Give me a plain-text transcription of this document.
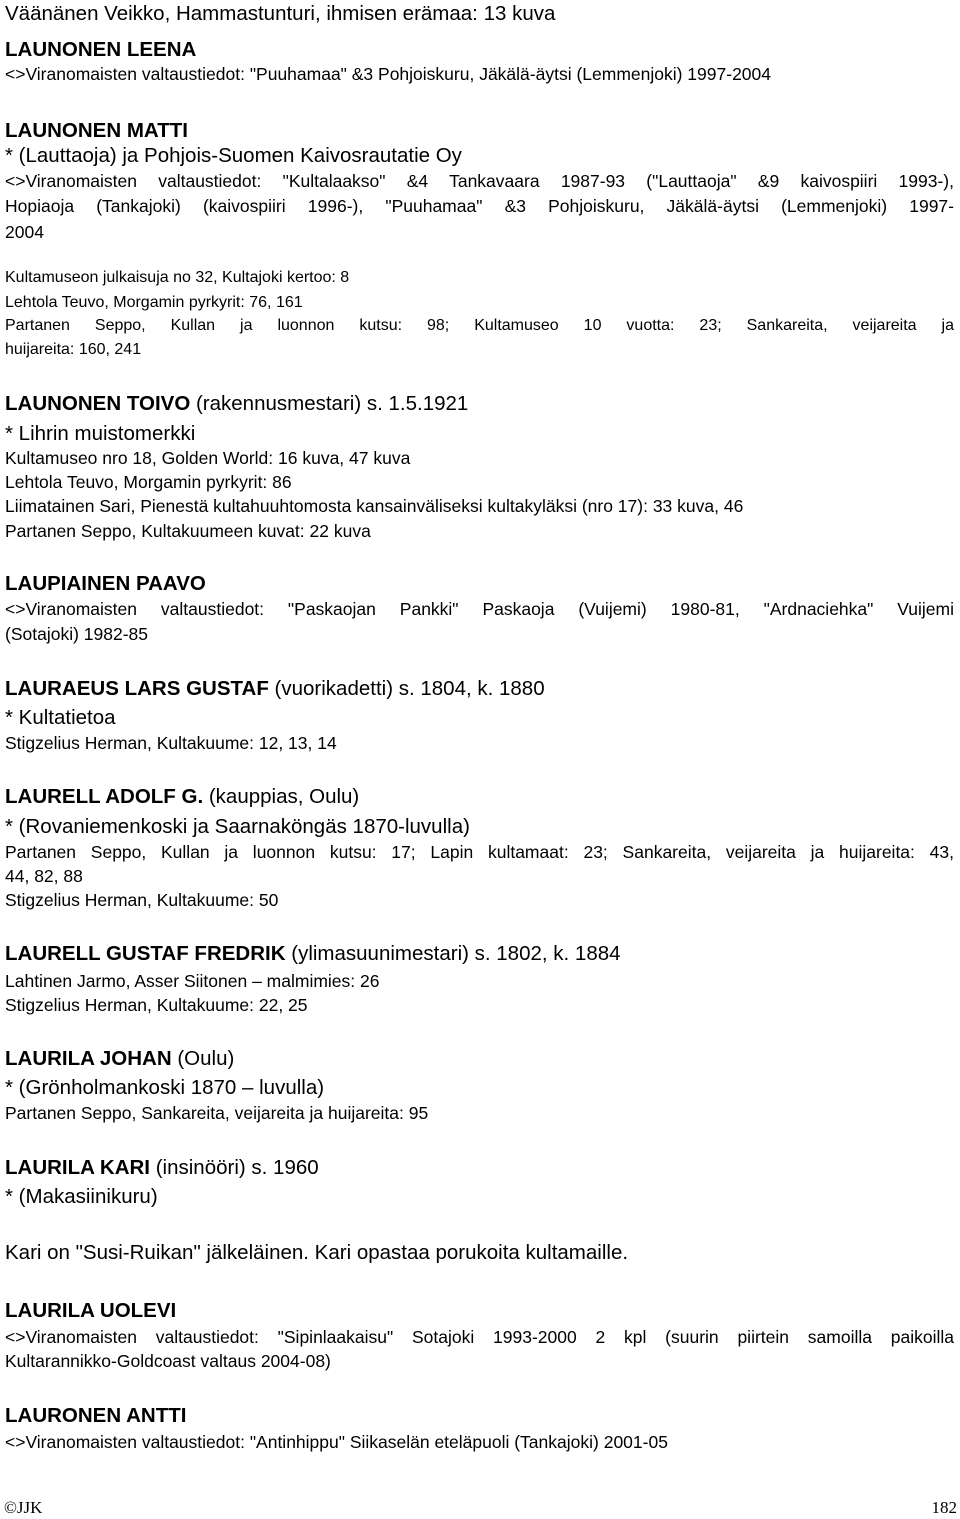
Väänänen Veikko, Hammastunturi, ihmisen erämaa: 13 kuva
LAUNONEN LEENA
<>Viranomaisten valtaustiedot: "Puuhamaa" &3 Pohjoiskuru, Jäkälä-äytsi (Lemmenjoki) 1997-2004
LAUNONEN MATTI
* (Lauttaoja) ja Pohjois-Suomen Kaivosrautatie Oy
<>Viranomaisten valtaustiedot: "Kultalaakso" &4 Tankavaara 1987-93 ("Lauttaoja" &9 kaivospiiri 1993-),
Hopiaoja (Tankajoki) (kaivospiiri 1996-), "Puuhamaa" &3 Pohjoiskuru, Jäkälä-äytsi (Lemmenjoki) 1997-
2004
Kultamuseon julkaisuja no 32, Kultajoki kertoo: 8
Lehtola Teuvo, Morgamin pyrkyrit: 76, 161
Partanen Seppo, Kullan ja luonnon kutsu: 98; Kultamuseo 10 vuotta: 23; Sankareita, veijareita ja
huijareita: 160, 241
LAUNONEN TOIVO (rakennusmestari) s. 1.5.1921
* Lihrin muistomerkki
Kultamuseo nro 18, Golden World: 16 kuva, 47 kuva
Lehtola Teuvo, Morgamin pyrkyrit: 86
Liimatainen Sari, Pienestä kultahuuhtomosta kansainväliseksi kultakyläksi (nro 17): 33 kuva, 46
Partanen Seppo, Kultakuumeen kuvat: 22 kuva
LAUPIAINEN PAAVO
<>Viranomaisten valtaustiedot: "Paskaojan Pankki" Paskaoja (Vuijemi) 1980-81, "Ardnaciehka" Vuijemi
(Sotajoki) 1982-85
LAURAEUS LARS GUSTAF (vuorikadetti) s. 1804, k. 1880
* Kultatietoa
Stigzelius Herman, Kultakuume: 12, 13, 14
LAURELL ADOLF G. (kauppias, Oulu)
* (Rovaniemenkoski ja Saarnaköngäs 1870-luvulla)
Partanen Seppo, Kullan ja luonnon kutsu: 17; Lapin kultamaat: 23; Sankareita, veijareita ja huijareita: 43,
44, 82, 88
Stigzelius Herman, Kultakuume: 50
LAURELL GUSTAF FREDRIK (ylimasuunimestari) s. 1802, k. 1884
Lahtinen Jarmo, Asser Siitonen – malmimies: 26
Stigzelius Herman, Kultakuume: 22, 25
LAURILA JOHAN (Oulu)
* (Grönholmankoski 1870 – luvulla)
Partanen Seppo, Sankareita, veijareita ja huijareita: 95
LAURILA KARI (insinööri) s. 1960
* (Makasiinikuru)
Kari on "Susi-Ruikan" jälkeläinen. Kari opastaa porukoita kultamaille.
LAURILA UOLEVI
<>Viranomaisten valtaustiedot: "Sipinlaakaisu" Sotajoki 1993-2000 2 kpl (suurin piirtein samoilla paikoilla
Kultarannikko-Goldcoast valtaus 2004-08)
LAURONEN ANTTI
<>Viranomaisten valtaustiedot: "Antinhippu" Siikaselän eteläpuoli (Tankajoki) 2001-05
©JJK	182
